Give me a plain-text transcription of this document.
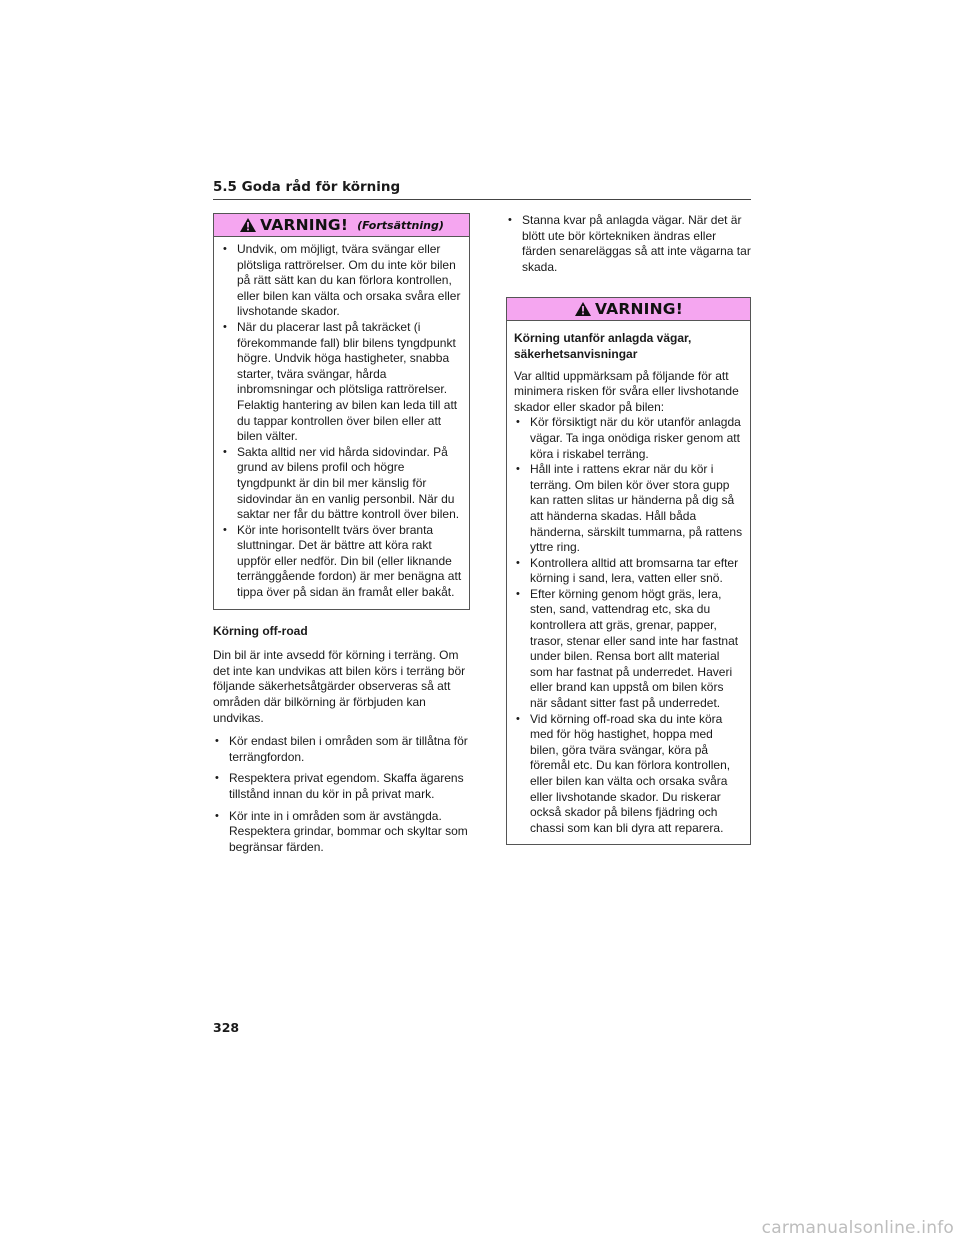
5.5 Goda råd för körning
VARNING! (Fortsättning)
• Undvik, om möjligt, tvära svängar eller plötsliga rattrörelser. Om du inte kör bilen på rätt sätt kan du kan förlora kontrollen, eller bilen kan välta och orsaka svåra eller livshotande skador.
• När du placerar last på takräcket (i förekommande fall) blir bilens tyngdpunkt högre. Undvik höga hastigheter, snabba starter, tvära svängar, hårda inbromsningar och plötsliga rattrörelser. Felaktig hantering av bilen kan leda till att du tappar kontrollen över bilen eller att bilen välter.
• Sakta alltid ner vid hårda sidovindar. På grund av bilens profil och högre tyngdpunkt är din bil mer känslig för sidovindar än en vanlig personbil. När du saktar ner får du bättre kontroll över bilen.
• Kör inte horisontellt tvärs över branta sluttningar. Det är bättre att köra rakt uppför eller nedför. Din bil (eller liknande terränggående fordon) är mer benägna att tippa över på sidan än framåt eller bakåt.

Körning off-road

Din bil är inte avsedd för körning i terräng. Om det inte kan undvikas att bilen körs i terräng bör följande säkerhetsåtgärder observeras så att områden där bilkörning är förbjuden kan undvikas.

• Kör endast bilen i områden som är tillåtna för terrängfordon.
• Respektera privat egendom. Skaffa ägarens tillstånd innan du kör in på privat mark.
• Kör inte in i områden som är avstängda. Respektera grindar, bommar och skyltar som begränsar färden.
• Stanna kvar på anlagda vägar. När det är blött ute bör körtekniken ändras eller färden senareläggas så att inte vägarna tar skada.
VARNING!

Körning utanför anlagda vägar, säkerhetsanvisningar

Var alltid uppmärksam på följande för att minimera risken för svåra eller livshotande skador eller skador på bilen:

• Kör försiktigt när du kör utanför anlagda vägar. Ta inga onödiga risker genom att köra i riskabel terräng.
• Håll inte i rattens ekrar när du kör i terräng. Om bilen kör över stora gupp kan ratten slitas ur händerna på dig så att händerna skadas. Håll båda händerna, särskilt tummarna, på rattens yttre ring.
• Kontrollera alltid att bromsarna tar efter körning i sand, lera, vatten eller snö.
• Efter körning genom högt gräs, lera, sten, sand, vattendrag etc, ska du kontrollera att gräs, grenar, papper, trasor, stenar eller sand inte har fastnat under bilen. Rensa bort allt material som har fastnat på underredet. Haveri eller brand kan uppstå om bilen körs när sådant sitter fast på underredet.
• Vid körning off-road ska du inte köra med för hög hastighet, hoppa med bilen, göra tvära svängar, köra på föremål etc. Du kan förlora kontrollen, eller bilen kan välta och orsaka svåra eller livshotande skador. Du riskerar också skador på bilens fjädring och chassi som kan bli dyra att reparera.
328
carmanualsonline.info
